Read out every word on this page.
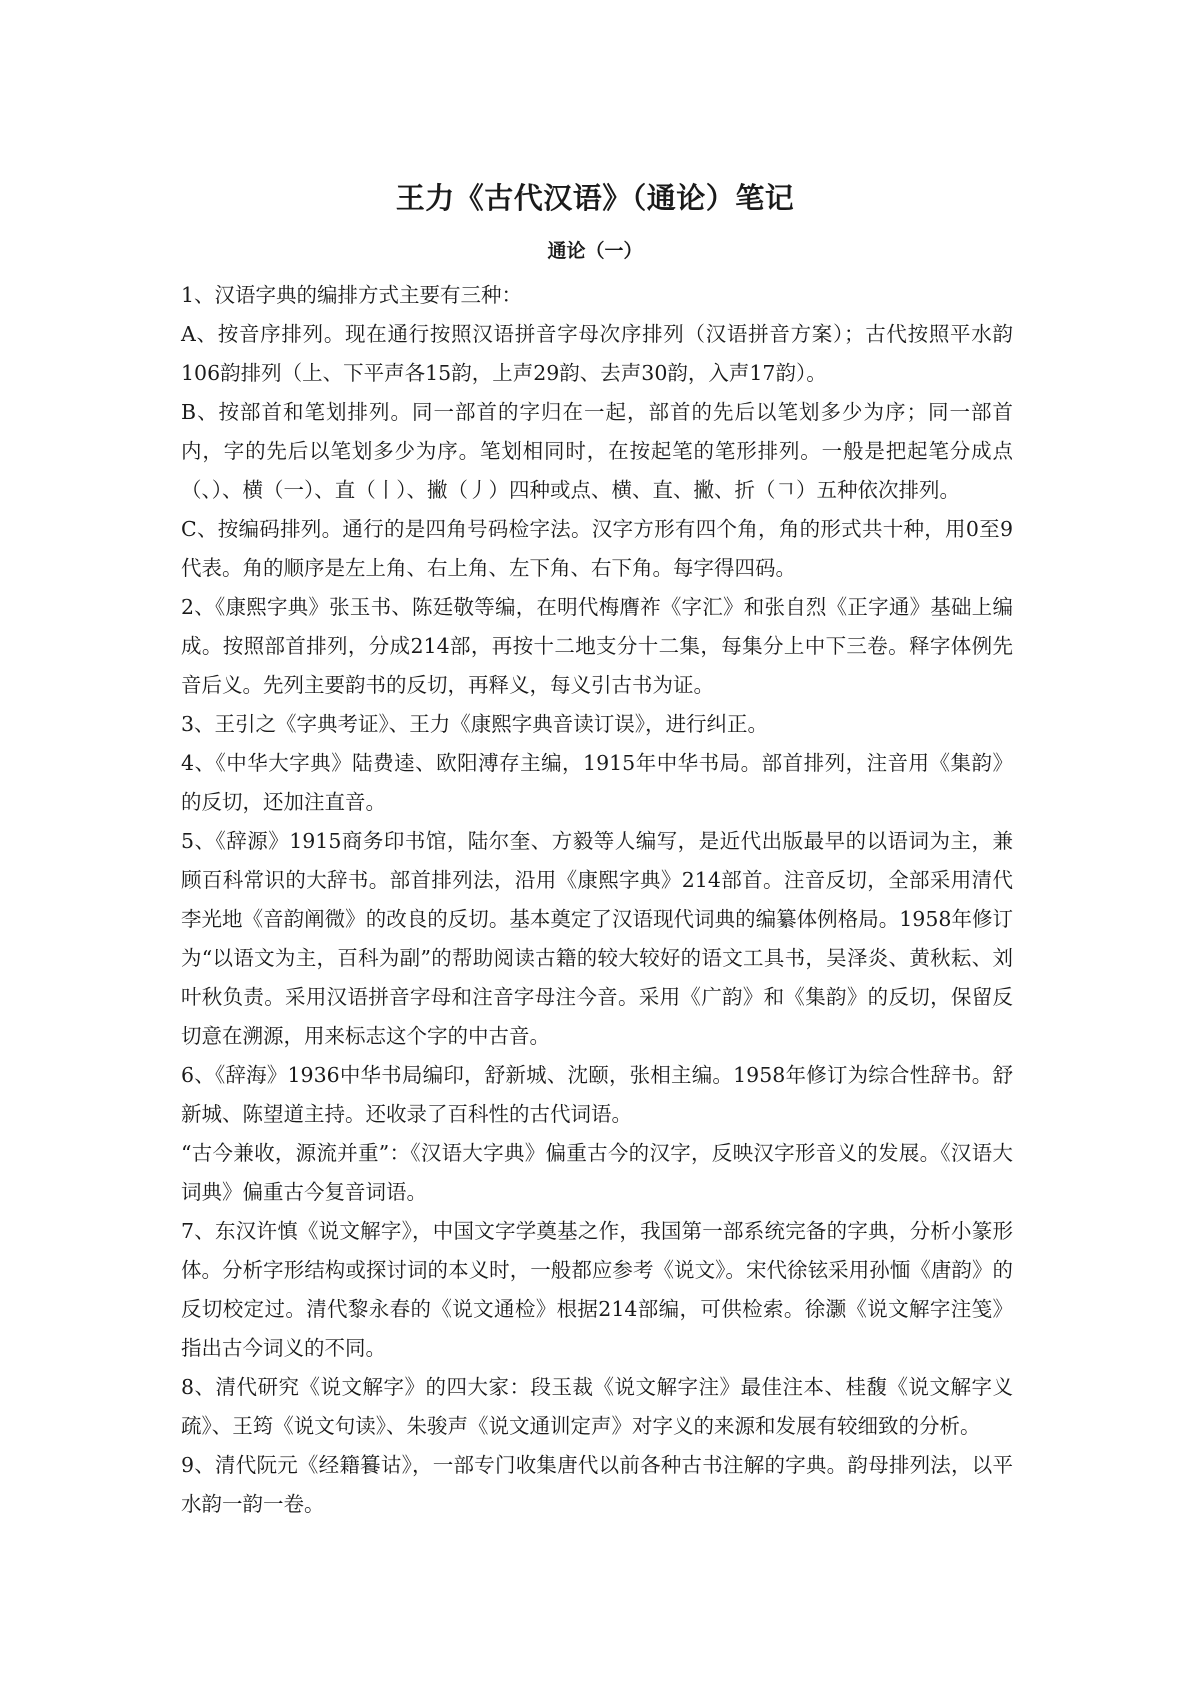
王力《古代汉语》（通论）笔记
通论（一）

1、汉语字典的编排方式主要有三种：

A、按音序排列。现在通行按照汉语拼音字母次序排列（汉语拼音方案）；古代按照平水韵106韵排列（上、下平声各15韵，上声29韵、去声30韵，入声17韵）。

B、按部首和笔划排列。同一部首的字归在一起，部首的先后以笔划多少为序；同一部首内，字的先后以笔划多少为序。笔划相同时，在按起笔的笔形排列。一般是把起笔分成点（、）、横（一）、直（丨）、撇（丿）四种或点、横、直、撇、折（𠃍）五种依次排列。

C、按编码排列。通行的是四角号码检字法。汉字方形有四个角，角的形式共十种，用0至9代表。角的顺序是左上角、右上角、左下角、右下角。每字得四码。

2、《康熙字典》张玉书、陈廷敬等编，在明代梅膺祚《字汇》和张自烈《正字通》基础上编成。按照部首排列，分成214部，再按十二地支分十二集，每集分上中下三卷。释字体例先音后义。先列主要韵书的反切，再释义，每义引古书为证。

3、王引之《字典考证》、王力《康熙字典音读订误》，进行纠正。

4、《中华大字典》陆费逵、欧阳溥存主编，1915年中华书局。部首排列，注音用《集韵》的反切，还加注直音。

5、《辞源》1915商务印书馆，陆尔奎、方毅等人编写，是近代出版最早的以语词为主，兼顾百科常识的大辞书。部首排列法，沿用《康熙字典》214部首。注音反切，全部采用清代李光地《音韵阐微》的改良的反切。基本奠定了汉语现代词典的编纂体例格局。1958年修订为“以语文为主，百科为副”的帮助阅读古籍的较大较好的语文工具书，吴泽炎、黄秋耘、刘叶秋负责。采用汉语拼音字母和注音字母注今音。采用《广韵》和《集韵》的反切，保留反切意在溯源，用来标志这个字的中古音。

6、《辞海》1936中华书局编印，舒新城、沈颐，张相主编。1958年修订为综合性辞书。舒新城、陈望道主持。还收录了百科性的古代词语。

“古今兼收，源流并重”：《汉语大字典》偏重古今的汉字，反映汉字形音义的发展。《汉语大词典》偏重古今复音词语。

7、东汉许慎《说文解字》，中国文字学奠基之作，我国第一部系统完备的字典，分析小篆形体。分析字形结构或探讨词的本义时，一般都应参考《说文》。宋代徐铉采用孙愐《唐韵》的反切校定过。清代黎永春的《说文通检》根据214部编，可供检索。徐灏《说文解字注笺》指出古今词义的不同。

8、清代研究《说文解字》的四大家：段玉裁《说文解字注》最佳注本、桂馥《说文解字义疏》、王筠《说文句读》、朱骏声《说文通训定声》对字义的来源和发展有较细致的分析。

9、清代阮元《经籍籑诂》，一部专门收集唐代以前各种古书注解的字典。韵母排列法，以平水韵一韵一卷。
